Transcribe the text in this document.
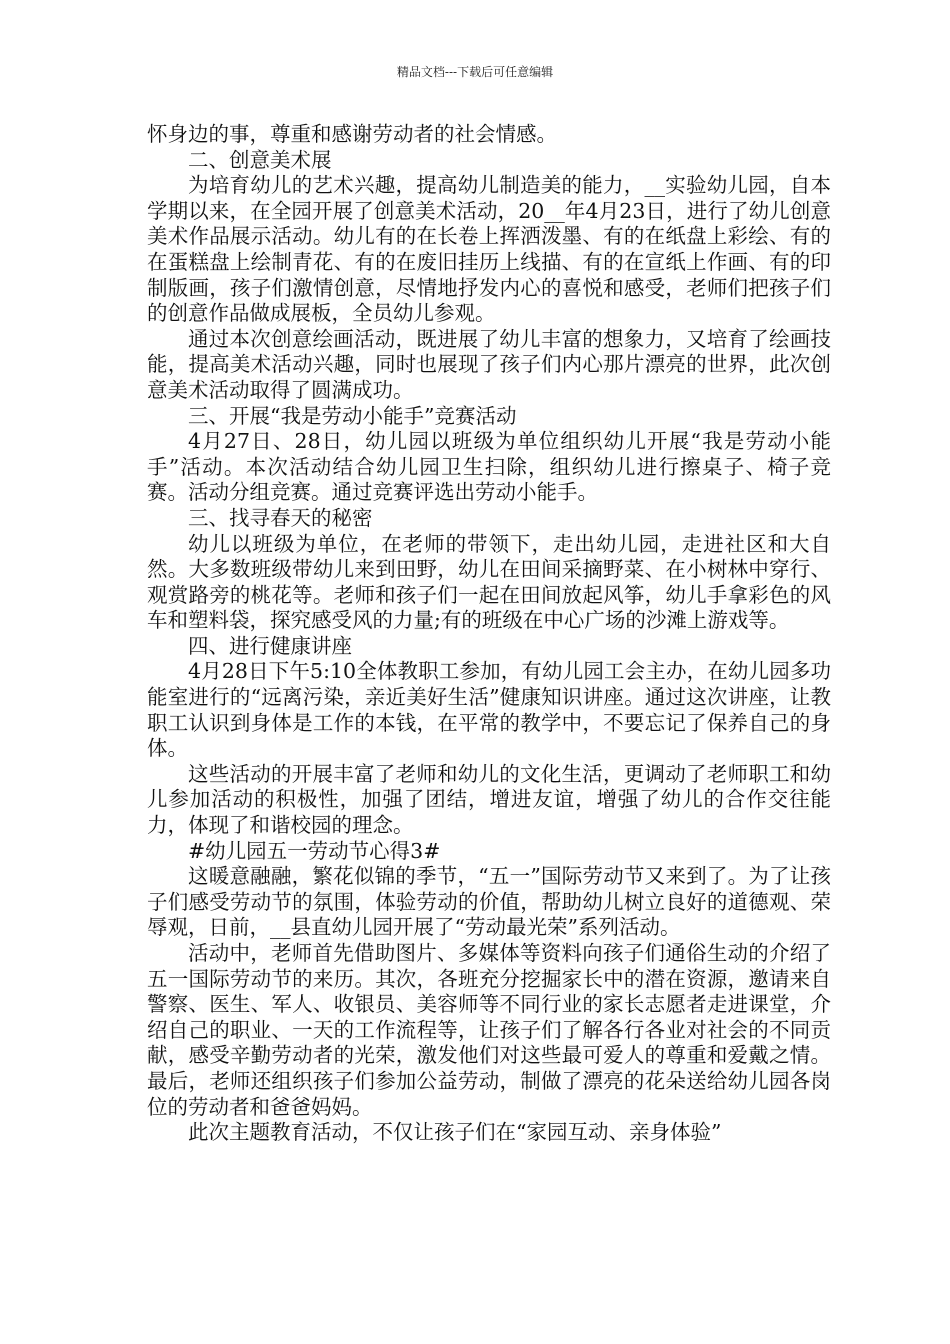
精品文档---下载后可任意编辑

怀身边的事，尊重和感谢劳动者的社会情感。

二、创意美术展

为培育幼儿的艺术兴趣，提高幼儿制造美的能力，__实验幼儿园，自本学期以来，在全园开展了创意美术活动，20__年4月23日，进行了幼儿创意美术作品展示活动。幼儿有的在长卷上挥洒泼墨、有的在纸盘上彩绘、有的在蛋糕盘上绘制青花、有的在废旧挂历上线描、有的在宣纸上作画、有的印制版画，孩子们激情创意，尽情地抒发内心的喜悦和感受，老师们把孩子们的创意作品做成展板，全员幼儿参观。

通过本次创意绘画活动，既进展了幼儿丰富的想象力，又培育了绘画技能，提高美术活动兴趣，同时也展现了孩子们内心那片漂亮的世界，此次创意美术活动取得了圆满成功。

三、开展“我是劳动小能手”竞赛活动

4月27日、28日，幼儿园以班级为单位组织幼儿开展“我是劳动小能手”活动。本次活动结合幼儿园卫生扫除，组织幼儿进行擦桌子、椅子竞赛。活动分组竞赛。通过竞赛评选出劳动小能手。

三、找寻春天的秘密

幼儿以班级为单位，在老师的带领下，走出幼儿园，走进社区和大自然。大多数班级带幼儿来到田野，幼儿在田间采摘野菜、在小树林中穿行、观赏路旁的桃花等。老师和孩子们一起在田间放起风筝，幼儿手拿彩色的风车和塑料袋，探究感受风的力量;有的班级在中心广场的沙滩上游戏等。

四、进行健康讲座

4月28日下午5:10全体教职工参加，有幼儿园工会主办，在幼儿园多功能室进行的“远离污染，亲近美好生活”健康知识讲座。通过这次讲座，让教职工认识到身体是工作的本钱，在平常的教学中，不要忘记了保养自己的身体。

这些活动的开展丰富了老师和幼儿的文化生活，更调动了老师职工和幼儿参加活动的积极性，加强了团结，增进友谊，增强了幼儿的合作交往能力，体现了和谐校园的理念。

#幼儿园五一劳动节心得3#

这暖意融融，繁花似锦的季节，“五一”国际劳动节又来到了。为了让孩子们感受劳动节的氛围，体验劳动的价值，帮助幼儿树立良好的道德观、荣辱观，日前，__县直幼儿园开展了“劳动最光荣”系列活动。

活动中，老师首先借助图片、多媒体等资料向孩子们通俗生动的介绍了五一国际劳动节的来历。其次，各班充分挖掘家长中的潜在资源，邀请来自警察、医生、军人、收银员、美容师等不同行业的家长志愿者走进课堂，介绍自己的职业、一天的工作流程等，让孩子们了解各行各业对社会的不同贡献，感受辛勤劳动者的光荣，激发他们对这些最可爱人的尊重和爱戴之情。最后，老师还组织孩子们参加公益劳动，制做了漂亮的花朵送给幼儿园各岗位的劳动者和爸爸妈妈。

此次主题教育活动，不仅让孩子们在“家园互动、亲身体验”
